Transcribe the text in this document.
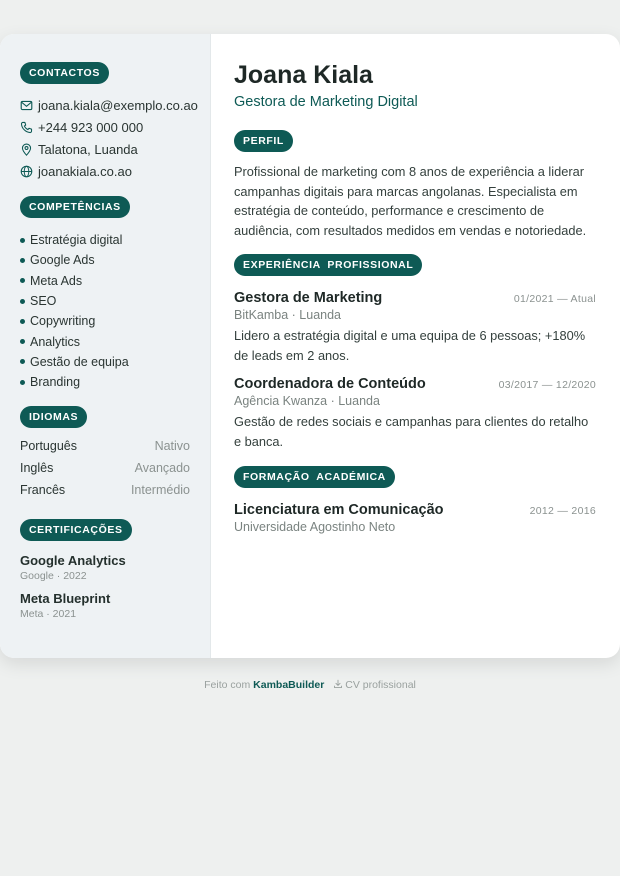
CONTACTOS
joana.kiala@exemplo.co.ao
+244 923 000 000
Talatona, Luanda
joanakiala.co.ao
COMPETÊNCIAS
Estratégia digital
Google Ads
Meta Ads
SEO
Copywriting
Analytics
Gestão de equipa
Branding
IDIOMAS
Português	Nativo
Inglês	Avançado
Francês	Intermédio
CERTIFICAÇÕES
Google Analytics
Google · 2022
Meta Blueprint
Meta · 2021
Joana Kiala
Gestora de Marketing Digital
PERFIL
Profissional de marketing com 8 anos de experiência a liderar campanhas digitais para marcas angolanas. Especialista em estratégia de conteúdo, performance e crescimento de audiência, com resultados medidos em vendas e notoriedade.
EXPERIÊNCIA  PROFISSIONAL
Gestora de Marketing	01/2021 — Atual
BitKamba · Luanda
Lidero a estratégia digital e uma equipa de 6 pessoas; +180% de leads em 2 anos.
Coordenadora de Conteúdo	03/2017 — 12/2020
Agência Kwanza · Luanda
Gestão de redes sociais e campanhas para clientes do retalho e banca.
FORMAÇÃO  ACADÉMICA
Licenciatura em Comunicação	2012 — 2016
Universidade Agostinho Neto
Feito com KambaBuilder CV profissional
